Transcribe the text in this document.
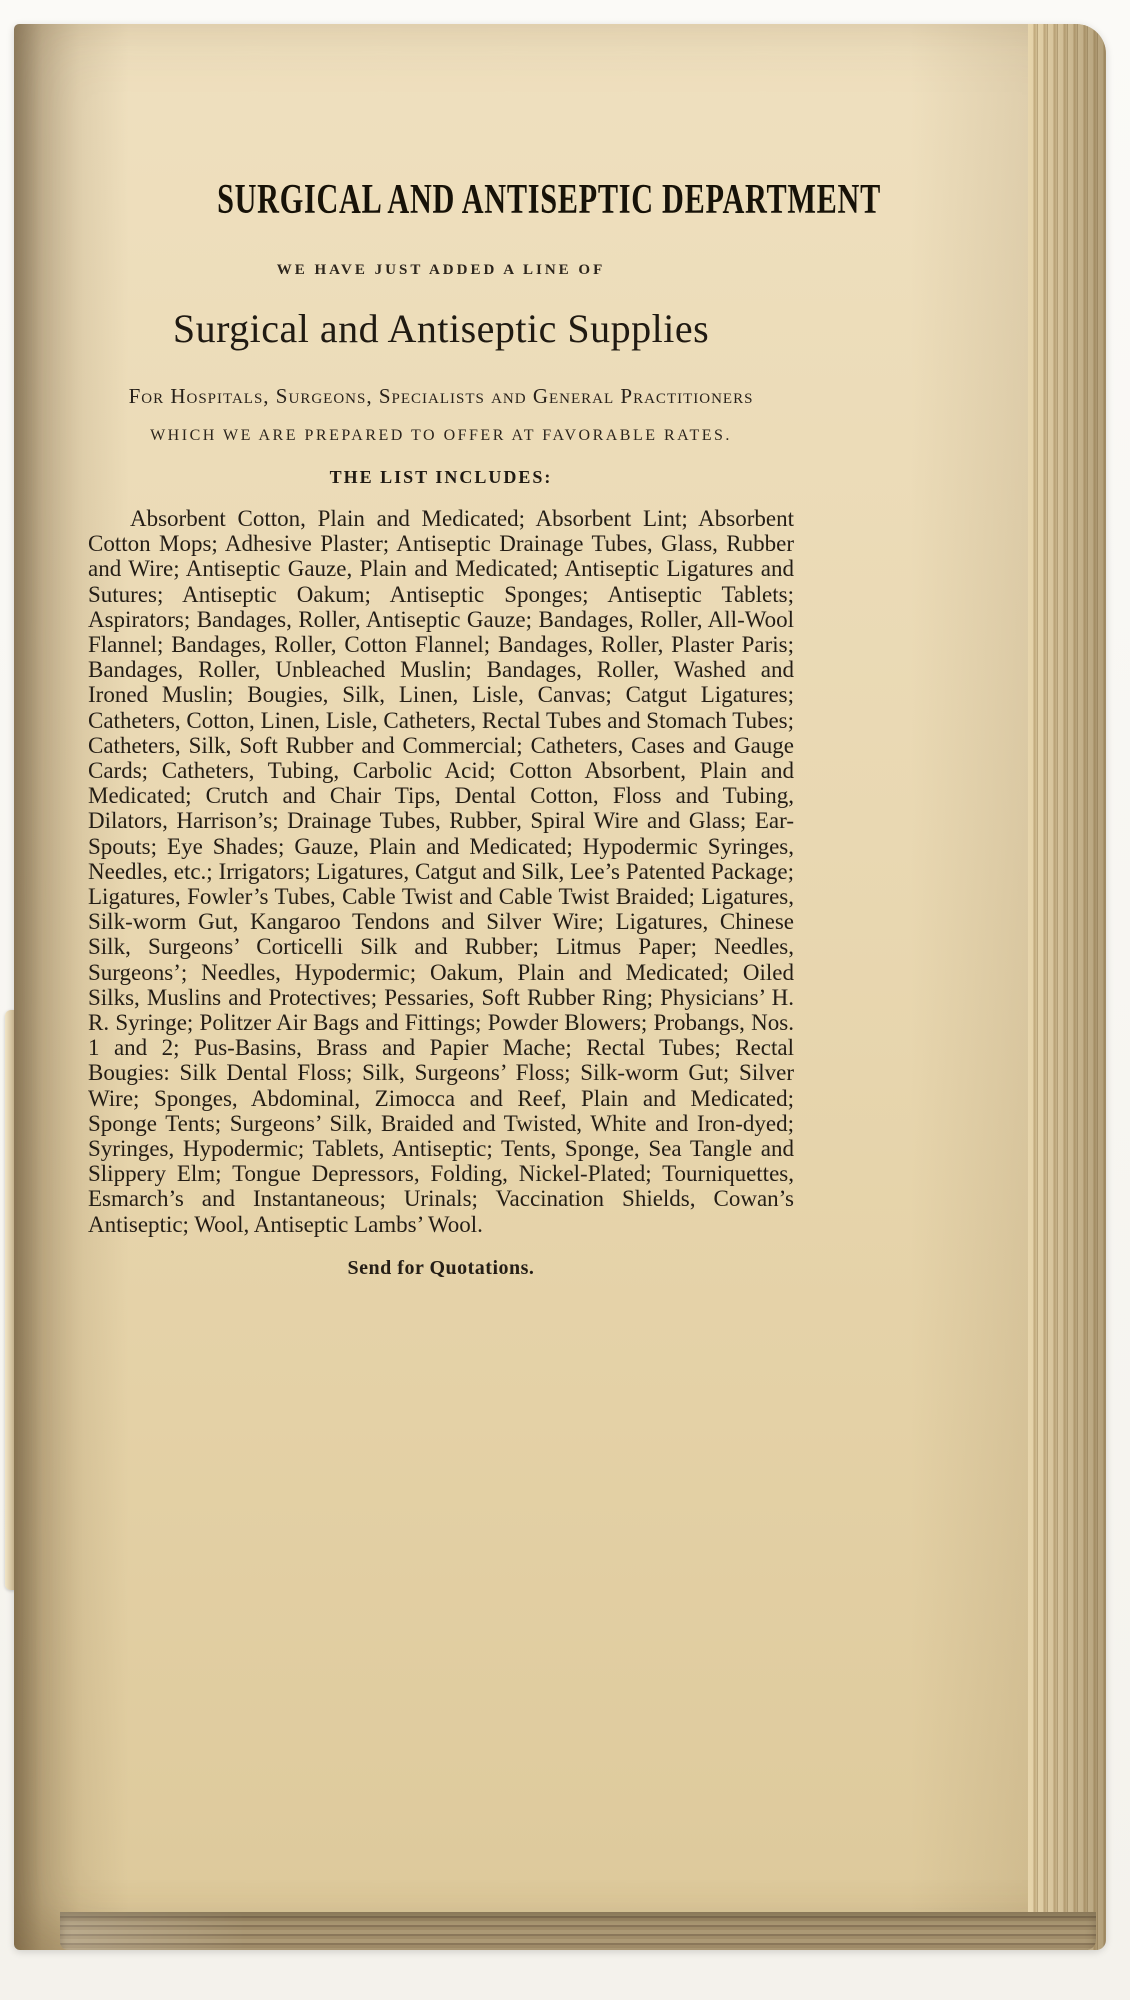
SURGICAL AND ANTISEPTIC DEPARTMENT
WE HAVE JUST ADDED A LINE OF
Surgical and Antiseptic Supplies
For Hospitals, Surgeons, Specialists and General Practitioners
WHICH WE ARE PREPARED TO OFFER AT FAVORABLE RATES.
THE LIST INCLUDES:

Absorbent Cotton, Plain and Medicated; Absorbent Lint; Absorbent Cotton Mops; Adhesive Plaster; Antiseptic Drainage Tubes, Glass, Rubber and Wire; Antiseptic Gauze, Plain and Medicated; Antiseptic Ligatures and Sutures; Antiseptic Oakum; Antiseptic Sponges; Antiseptic Tablets; Aspirators; Bandages, Roller, Antiseptic Gauze; Bandages, Roller, All-Wool Flannel; Bandages, Roller, Cotton Flannel; Bandages, Roller, Plaster Paris; Bandages, Roller, Unbleached Muslin; Bandages, Roller, Washed and Ironed Muslin; Bougies, Silk, Linen, Lisle, Canvas; Catgut Ligatures; Catheters, Cotton, Linen, Lisle, Catheters, Rectal Tubes and Stomach Tubes; Catheters, Silk, Soft Rubber and Commercial; Catheters, Cases and Gauge Cards; Catheters, Tubing, Carbolic Acid; Cotton Absorbent, Plain and Medicated; Crutch and Chair Tips, Dental Cotton, Floss and Tubing, Dilators, Harrison’s; Drainage Tubes, Rubber, Spiral Wire and Glass; Ear-Spouts; Eye Shades; Gauze, Plain and Medicated; Hypodermic Syringes, Needles, etc.; Irrigators; Ligatures, Catgut and Silk, Lee’s Patented Package; Ligatures, Fowler’s Tubes, Cable Twist and Cable Twist Braided; Ligatures, Silk-worm Gut, Kangaroo Tendons and Silver Wire; Ligatures, Chinese Silk, Surgeons’ Corticelli Silk and Rubber; Litmus Paper; Needles, Surgeons’; Needles, Hypodermic; Oakum, Plain and Medicated; Oiled Silks, Muslins and Protectives; Pessaries, Soft Rubber Ring; Physicians’ H. R. Syringe; Politzer Air Bags and Fittings; Powder Blowers; Probangs, Nos. 1 and 2; Pus-Basins, Brass and Papier Mache; Rectal Tubes; Rectal Bougies: Silk Dental Floss; Silk, Surgeons’ Floss; Silk-worm Gut; Silver Wire; Sponges, Abdominal, Zimocca and Reef, Plain and Medicated; Sponge Tents; Surgeons’ Silk, Braided and Twisted, White and Iron-dyed; Syringes, Hypodermic; Tablets, Antiseptic; Tents, Sponge, Sea Tangle and Slippery Elm; Tongue Depressors, Folding, Nickel-Plated; Tourniquettes, Esmarch’s and Instantaneous; Urinals; Vaccination Shields, Cowan’s Antiseptic; Wool, Antiseptic Lambs’ Wool.

Send for Quotations.
